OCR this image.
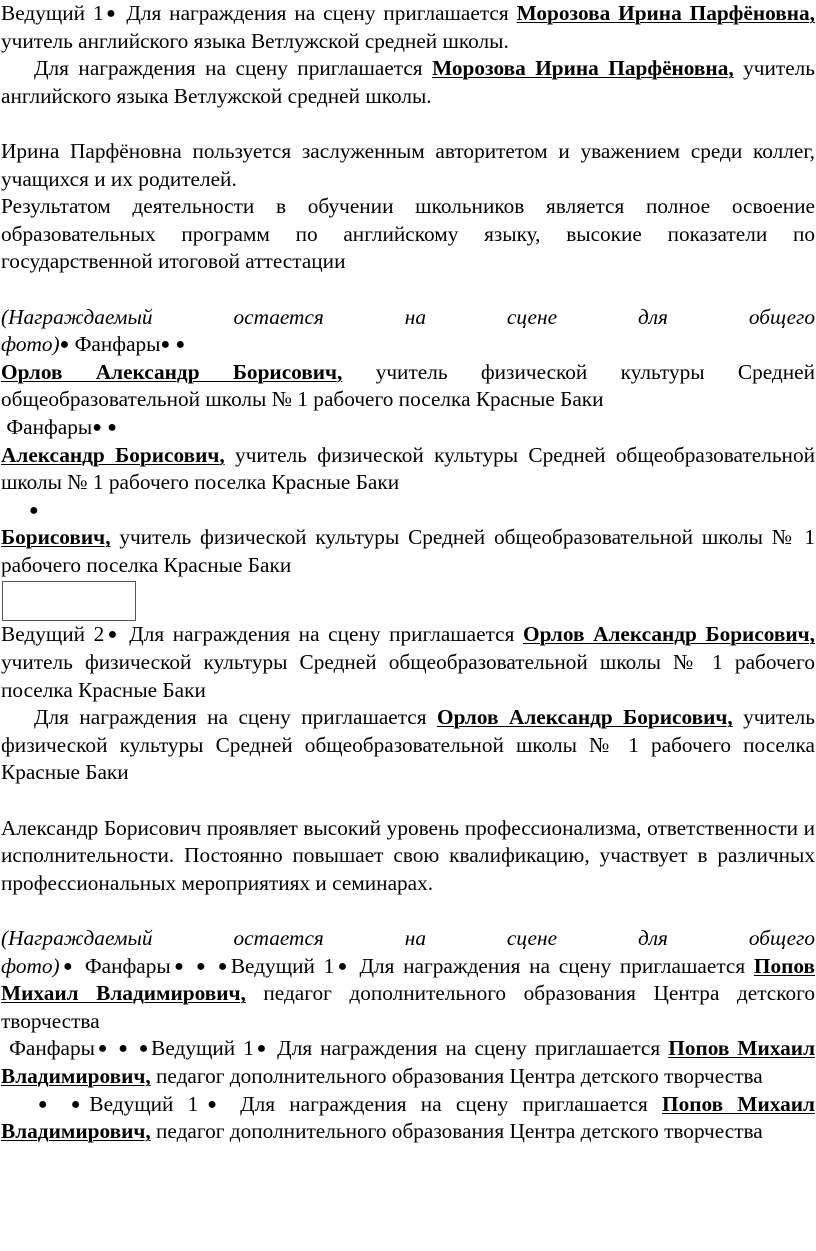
Ведущий 1● Для награждения на сцену приглашается Морозова Ирина Парфёновна, учитель английского языка Ветлужской средней школы.

Для награждения на сцену приглашается Морозова Ирина Парфёновна, учитель английского языка Ветлужской средней школы.

Ирина Парфёновна пользуется заслуженным авторитетом и уважением среди коллег, учащихся и их родителей.

Результатом деятельности в обучении школьников является полное освоение образовательных программ по английскому языку, высокие показатели по государственной итоговой аттестации

(Награждаемый остается на сцене для общего фото)● Фанфары● ●

Орлов Александр Борисович, учитель физической культуры Средней общеобразовательной школы № 1 рабочего поселка Красные Баки

Фанфары● ●

Александр Борисович, учитель физической культуры Средней общеобразовательной школы № 1 рабочего поселка Красные Баки

●

Борисович, учитель физической культуры Средней общеобразовательной школы № 1 рабочего поселка Красные Баки

Ведущий 2● Для награждения на сцену приглашается Орлов Александр Борисович, учитель физической культуры Средней общеобразовательной школы № 1 рабочего поселка Красные Баки

Для награждения на сцену приглашается Орлов Александр Борисович, учитель физической культуры Средней общеобразовательной школы № 1 рабочего поселка Красные Баки

Александр Борисович проявляет высокий уровень профессионализма, ответственности и исполнительности. Постоянно повышает свою квалификацию, участвует в различных профессиональных мероприятиях и семинарах.

(Награждаемый остается на сцене для общего фото)● Фанфары● ● ●Ведущий 1● Для награждения на сцену приглашается Попов Михаил Владимирович, педагог дополнительного образования Центра детского творчества

Фанфары● ● ●Ведущий 1● Для награждения на сцену приглашается Попов Михаил Владимирович, педагог дополнительного образования Центра детского творчества

● ●Ведущий 1● Для награждения на сцену приглашается Попов Михаил Владимирович, педагог дополнительного образования Центра детского творчества
